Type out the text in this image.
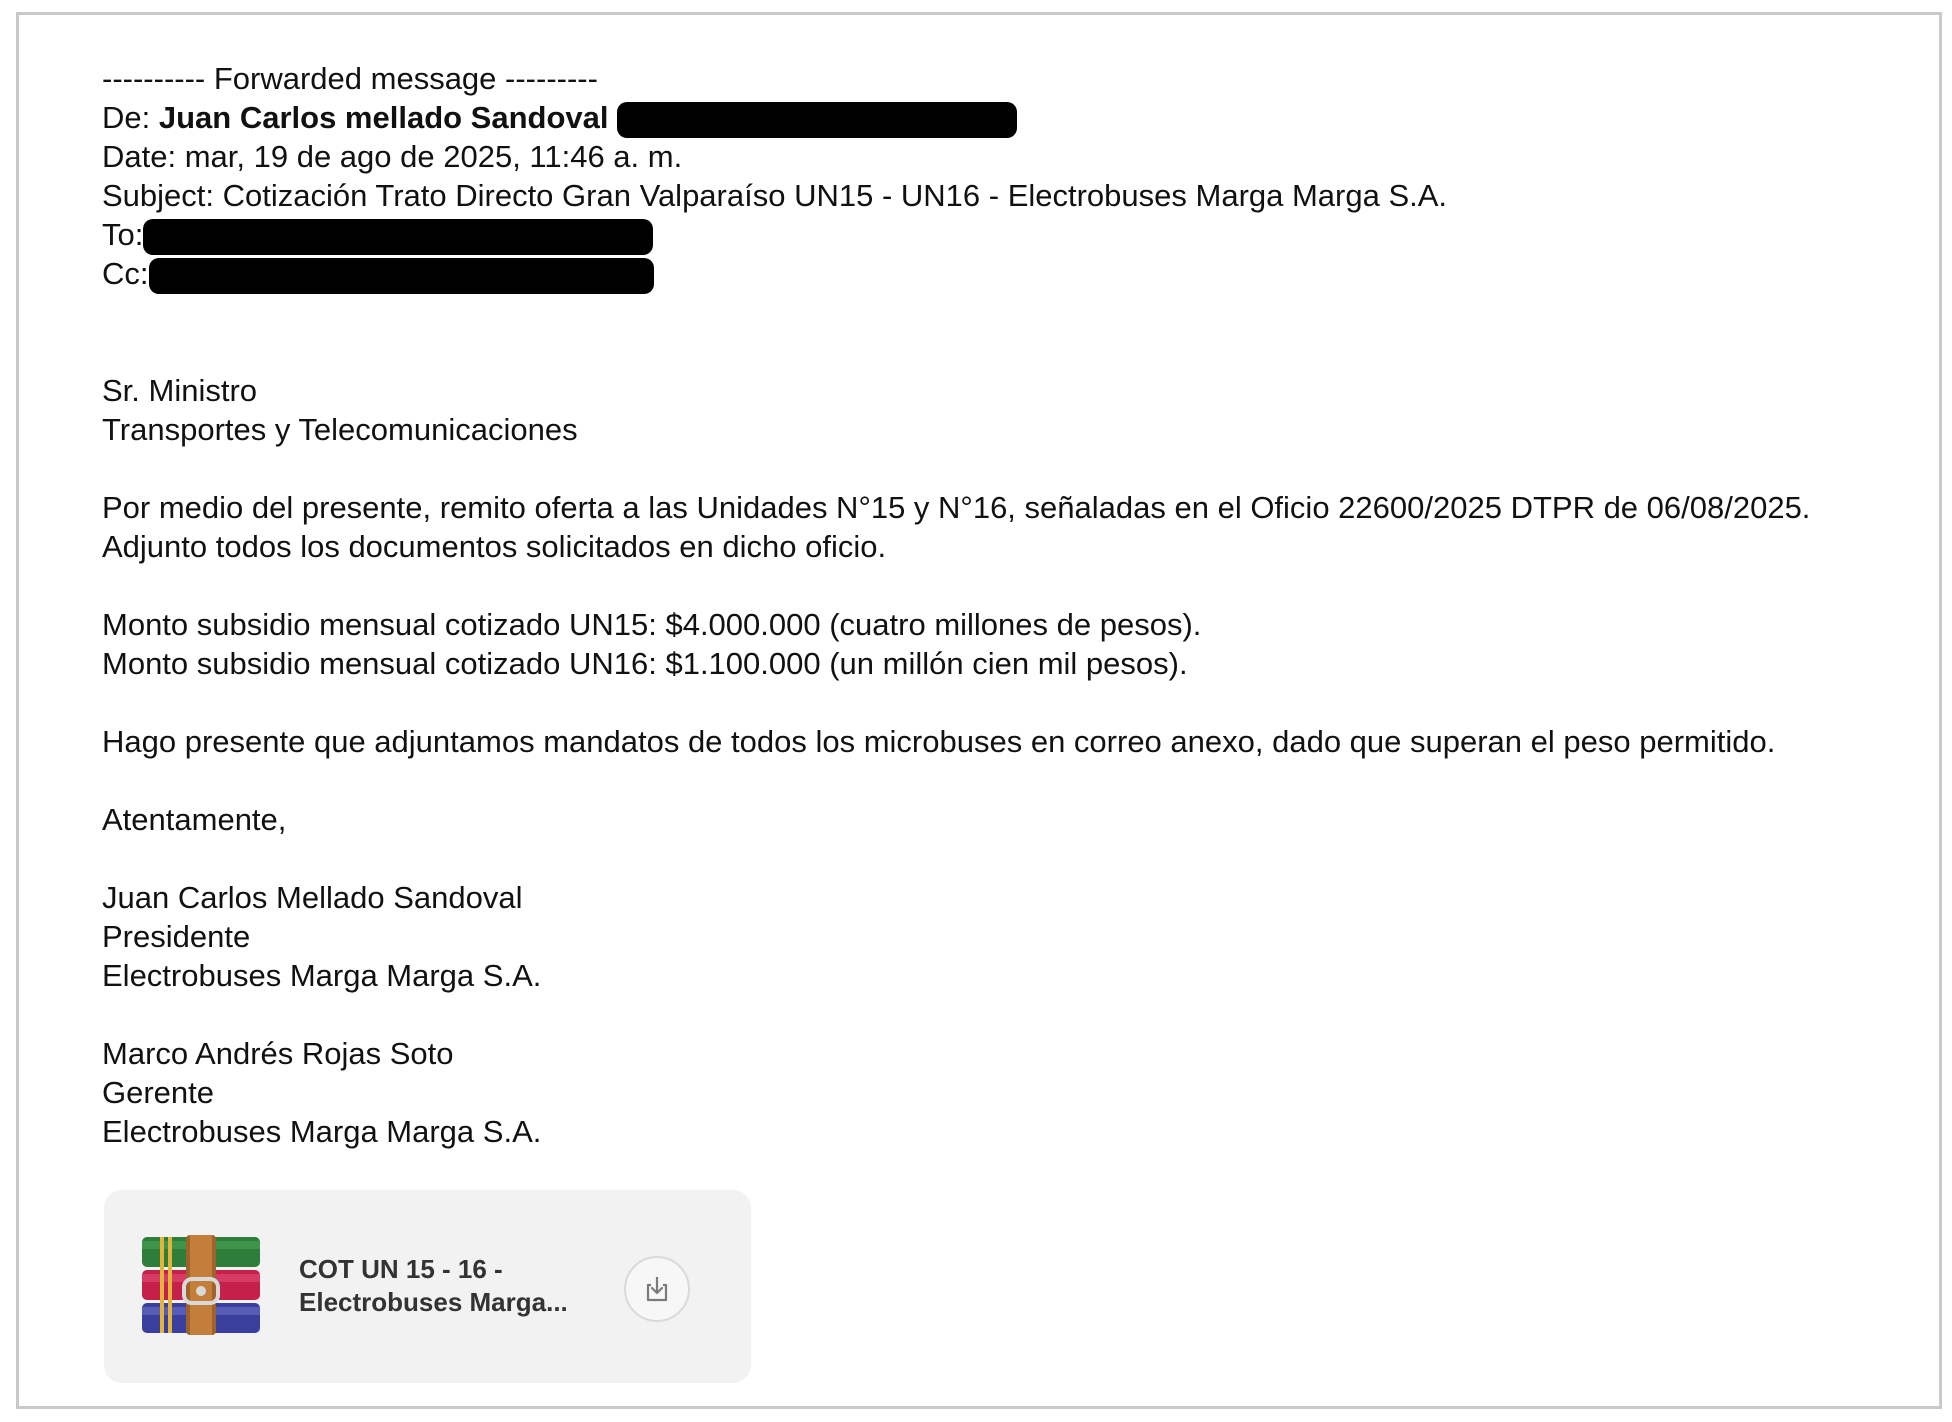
---------- Forwarded message ---------
De: Juan Carlos mellado Sandoval
Date: mar, 19 de ago de 2025, 11:46 a. m.
Subject: Cotización Trato Directo Gran Valparaíso UN15 - UN16 - Electrobuses Marga Marga S.A.
To:
Cc:
Sr. Ministro
Transportes y Telecomunicaciones
Por medio del presente, remito oferta a las Unidades N°15 y N°16, señaladas en el Oficio 22600/2025 DTPR de 06/08/2025. Adjunto todos los documentos solicitados en dicho oficio.
Monto subsidio mensual cotizado UN15: $4.000.000 (cuatro millones de pesos).
Monto subsidio mensual cotizado UN16: $1.100.000 (un millón cien mil pesos).
Hago presente que adjuntamos mandatos de todos los microbuses en correo anexo, dado que superan el peso permitido.
Atentamente,
Juan Carlos Mellado Sandoval
Presidente
Electrobuses Marga Marga S.A.
Marco Andrés Rojas Soto
Gerente
Electrobuses Marga Marga S.A.
COT UN 15 - 16 -
Electrobuses Marga...
